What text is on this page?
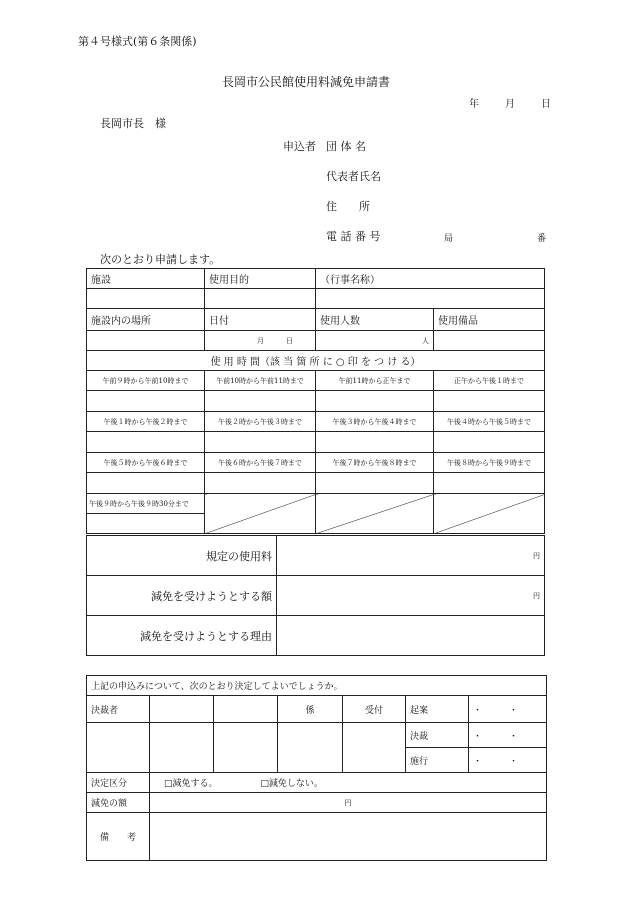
第４号様式(第６条関係)
長岡市公民館使用料減免申請書
年	月	日
長岡市長　様
申込者 団 体 名
代表者氏名
住　　所
電 話 番 号	局	番
次のとおり申請します。
施設	使用目的	（行事名称）	

施設内の場所	日付	使用人数	使用備品
	月 日	人	
使 用 時 間（該 当 箇 所 に ○ 印 を つ け る）			
午前９時から午前10時まで	午前10時から午前11時まで	午前11時から正午まで	正午から午後１時まで

午後１時から午後２時まで	午後２時から午後３時まで	午後３時から午後４時まで	午後４時から午後５時まで

午後５時から午後６時まで	午後６時から午後７時まで	午後７時から午後８時まで	午後８時から午後９時まで

午後９時から午後９時30分まで			

規定の使用料	円
減免を受けようとする額	円
減免を受けようとする理由	
上記の申込みについて、次のとおり決定してよいでしょうか。						
決裁者			係	受付	起案	・　　　・
					決裁	・　　　・
					施行	・　　　・
決定区分	□減免する。 □減免しない。					
減免の額	円					
備　　考						
